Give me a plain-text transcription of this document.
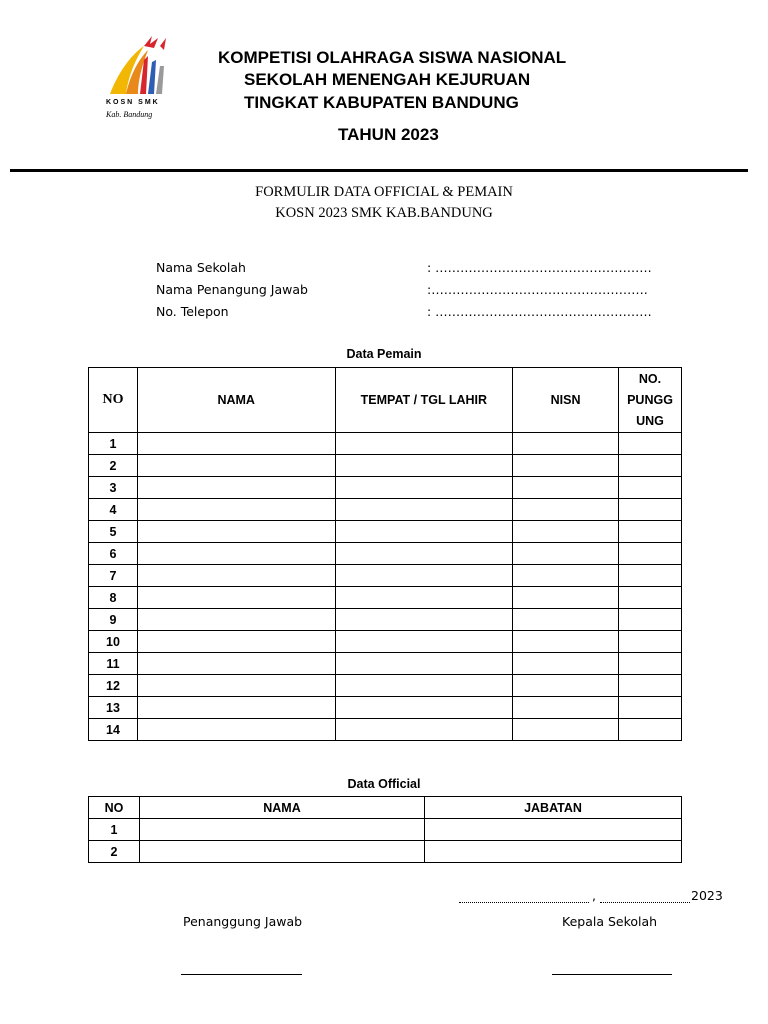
KOSN SMK
Kab. Bandung
KOMPETISI OLAHRAGA SISWA NASIONAL
SEKOLAH MENENGAH KEJURUAN
TINGKAT KABUPATEN BANDUNG
TAHUN 2023
FORMULIR DATA OFFICIAL & PEMAIN
KOSN 2023 SMK KAB.BANDUNG
Nama Sekolah	: …………………………………………….
Nama Penangung Jawab	:…………………………………………….
No. Telepon	: …………………………………………….
Data Pemain
NO	NAMA	TEMPAT / TGL LAHIR	NISN	NO.
PUNGG
UNG

1				
2				
3				
4				
5				
6				
7				
8				
9				
10				
11				
12				
13				
14				
Data Official
NO	NAMA	JABATAN
1		
2		
,	2023
Penanggung Jawab	Kepala Sekolah
